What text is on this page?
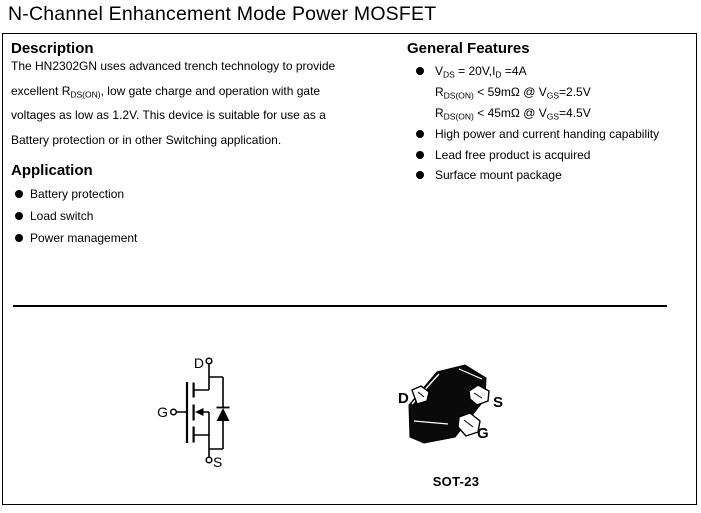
N-Channel Enhancement Mode Power MOSFET
Description
The HN2302GN uses advanced trench technology to provide
excellent $R_{DS(ON)}$, low gate charge and operation with gate
voltages as low as 1.2V. This device is suitable for use as a
Battery protection or in other Switching application.
Application
Battery protection
Load switch
Power management
General Features
$V_{DS} = 20V,I_D =4A$
$R_{DS(ON)} < 59m\Omega$ @ $V_{GS}=2.5V$
$R_{DS(ON)} < 45m\Omega$ @ $V_{GS}=4.5V$
High power and current handing capability
Lead free product is acquired
Surface mount package
D
G
S
D	S
G
SOT-23
